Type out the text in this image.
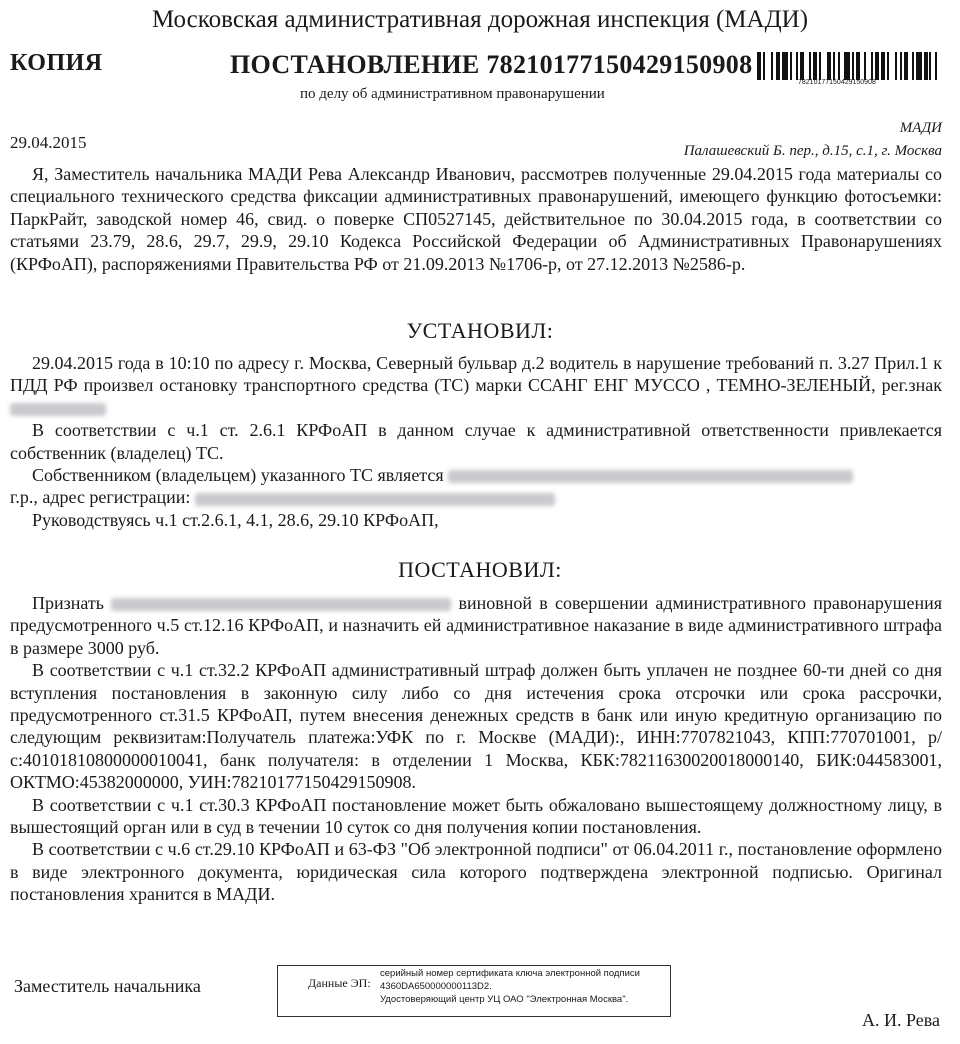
Московская административная дорожная инспекция (МАДИ)
КОПИЯ	ПОСТАНОВЛЕНИЕ 78210177150429150908
78210177150429150908
по делу об административном правонарушении
29.04.2015
МАДИ
Палашевский Б. пер., д.15, с.1, г. Москва

Я, Заместитель начальника МАДИ Рева Александр Иванович, рассмотрев полученные 29.04.2015 года материалы со специального технического средства фиксации административных правонарушений, имеющего функцию фотосъемки: ПаркРайт, заводской номер 46, свид. о поверке СП0527145, действительное по 30.04.2015 года, в соответствии со статьями 23.79, 28.6, 29.7, 29.9, 29.10 Кодекса Российской Федерации об Административных Правонарушениях (КРФоАП), распоряжениями Правительства РФ от 21.09.2013 №1706-р, от 27.12.2013 №2586-р.

УСТАНОВИЛ:

29.04.2015 года в 10:10 по адресу г. Москва, Северный бульвар д.2 водитель в нарушение требований п. 3.27 Прил.1 к ПДД РФ произвел остановку транспортного средства (ТС) марки ССАНГ ЕНГ МУССО , ТЕМНО-ЗЕЛЕНЫЙ, рег.знак

В соответствии с ч.1 ст. 2.6.1 КРФоАП в данном случае к административной ответственности привлекается собственник (владелец) ТС.

Собственником (владельцем) указанного ТС является
г.р., адрес регистрации:

Руководствуясь ч.1 ст.2.6.1, 4.1, 28.6, 29.10 КРФоАП,

ПОСТАНОВИЛ:

Признать	виновной в совершении административного правонарушения предусмотренного ч.5 ст.12.16 КРФоАП, и назначить ей административное наказание в виде административного штрафа в размере 3000 руб.

В соответствии с ч.1 ст.32.2 КРФоАП административный штраф должен быть уплачен не позднее 60-ти дней со дня вступления постановления в законную силу либо со дня истечения срока отсрочки или срока рассрочки, предусмотренного ст.31.5 КРФоАП, путем внесения денежных средств в банк или иную кредитную организацию по следующим реквизитам:Получатель платежа:УФК по г. Москве (МАДИ):, ИНН:7707821043, КПП:770701001, р/с:40101810800000010041, банк получателя: в отделении 1 Москва, КБК:78211630020018000140, БИК:044583001, ОКТМО:45382000000, УИН:78210177150429150908.

В соответствии с ч.1 ст.30.3 КРФоАП постановление может быть обжаловано вышестоящему должностному лицу, в вышестоящий орган или в суд в течении 10 суток со дня получения копии постановления.

В соответствии с ч.6 ст.29.10 КРФоАП и 63-ФЗ "Об электронной подписи" от 06.04.2011 г., постановление оформлено в виде электронного документа, юридическая сила которого подтверждена электронной подписью. Оригинал постановления хранится в МАДИ.

Заместитель начальника	Данные ЭП:
серийный номер сертификата ключа электронной подписи
4360DA650000000113D2.
Удостоверяющий центр УЦ ОАО "Электронная Москва".
А. И. Рева
